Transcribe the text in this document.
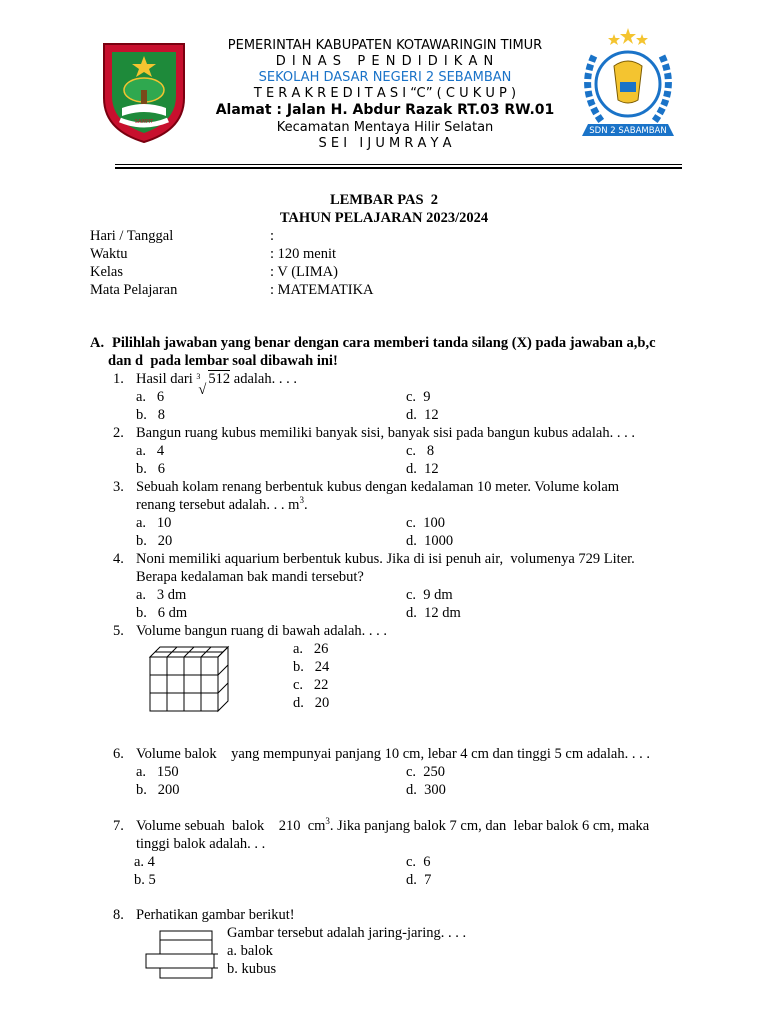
SAMPIT
PEMERINTAH KABUPATEN KOTAWARINGIN TIMUR
D I N A S   P E N D I D I K A N
SEKOLAH DASAR NEGERI 2 SEBAMBAN
T E R A K R E D I T A S I “C” ( C U K U P )
Alamat : Jalan H. Abdur Razak RT.03 RW.01
Kecamatan Mentaya Hilir Selatan
S E I   I J U M R A Y A
SDN 2 SABAMBAN
LEMBAR PAS  2
TAHUN PELAJARAN 2023/2024
Hari / Tanggal	:
Waktu	: 120 menit
Kelas	: V (LIMA)
Mata Pelajaran	: MATEMATIKA
A. Pilihlah jawaban yang benar dengan cara memberi tanda silang (X) pada jawaban a,b,c
dan d  pada lembar soal dibawah ini!
1. Hasil dari 3
√
512 adalah. . . .
a.   6
b.   8
c.  9
d.  12
2. Bangun ruang kubus memiliki banyak sisi, banyak sisi pada bangun kubus adalah. . . .
a.   4
b.   6
c.   8
d.  12
3. Sebuah kolam renang berbentuk kubus dengan kedalaman 10 meter. Volume kolam
renang tersebut adalah. . . $m^3$.
a.   10
b.   20
c.  100
d.  1000
4. Noni memiliki aquarium berbentuk kubus. Jika di isi penuh air,  volumenya 729 Liter.
Berapa kedalaman bak mandi tersebut?
a.   3 dm
b.   6 dm
c.  9 dm
d.  12 dm
5. Volume bangun ruang di bawah adalah. . . .
a.   26
b.   24
c.   22
d.   20
6. Volume balok    yang mempunyai panjang 10 cm, lebar 4 cm dan tinggi 5 cm adalah. . . .
a.   150
b.   200
c.  250
d.  300
7. Volume sebuah  balok    210  $cm^3$. Jika panjang balok 7 cm, dan  lebar balok 6 cm, maka
tinggi balok adalah. . .
a. 4
b. 5
c.  6
d.  7
8. Perhatikan gambar berikut!
Gambar tersebut adalah jaring-jaring. . . .
a. balok
b. kubus
